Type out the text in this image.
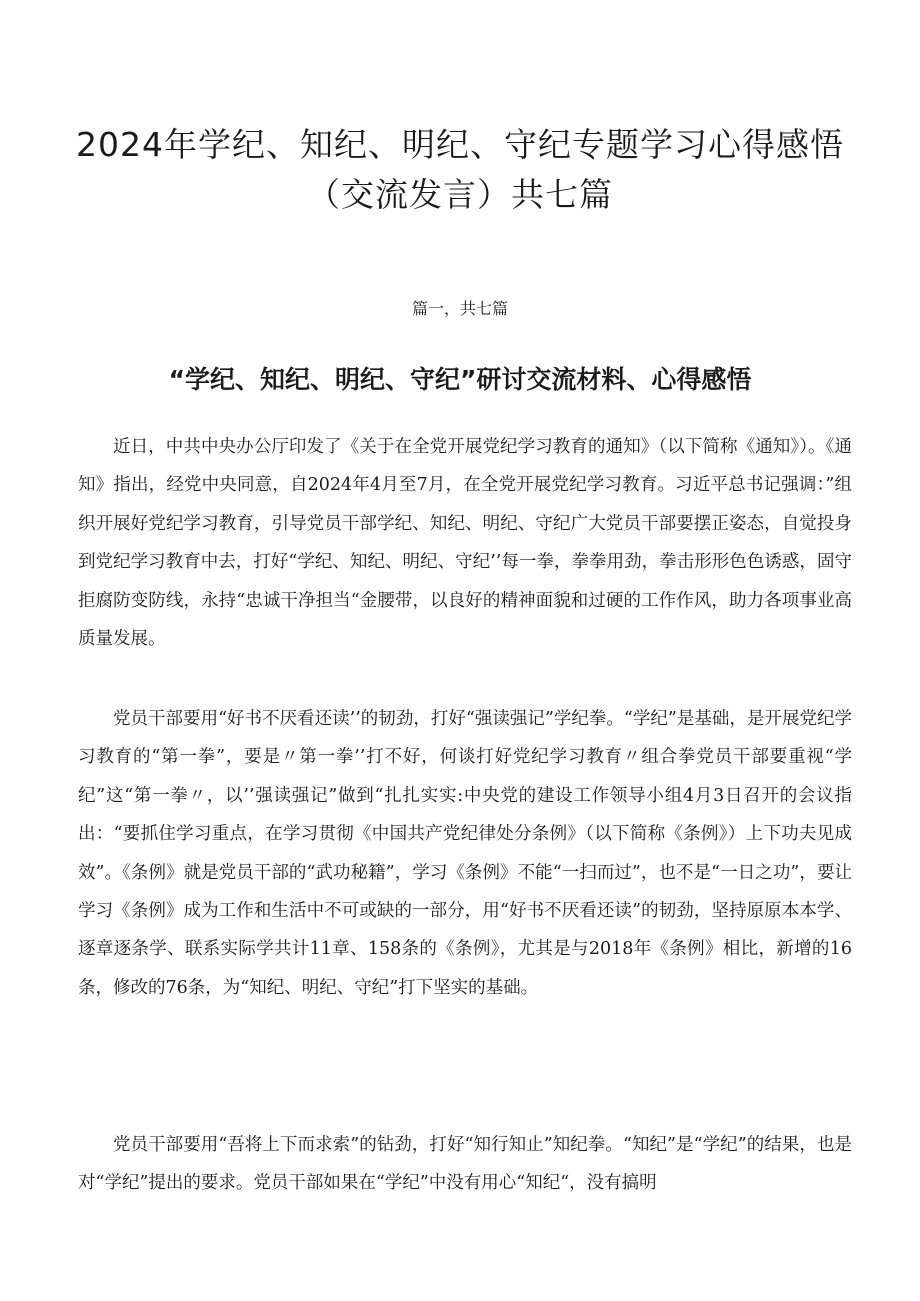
2024年学纪、知纪、明纪、守纪专题学习心得感悟（交流发言）共七篇

篇一，共七篇

“学纪、知纪、明纪、守纪”研讨交流材料、心得感悟

近日，中共中央办公厅印发了《关于在全党开展党纪学习教育的通知》（以下简称《通知》）。《通知》指出，经党中央同意，自2024年4月至7月，在全党开展党纪学习教育。习近平总书记强调：”组织开展好党纪学习教育，引导党员干部学纪、知纪、明纪、守纪广大党员干部要摆正姿态，自觉投身到党纪学习教育中去，打好“学纪、知纪、明纪、守纪’’每一拳，拳拳用劲，拳击形形色色诱惑，固守拒腐防变防线，永持“忠诚干净担当“金腰带，以良好的精神面貌和过硬的工作作风，助力各项事业高质量发展。

党员干部要用“好书不厌看还读’’的韧劲，打好“强读强记”学纪拳。“学纪”是基础，是开展党纪学习教育的“第一拳”，要是〃第一拳’’打不好，何谈打好党纪学习教育〃组合拳党员干部要重视“学纪”这“第一拳〃，以’’强读强记”做到“扎扎实实:中央党的建设工作领导小组4月3日召开的会议指出：“要抓住学习重点，在学习贯彻《中国共产党纪律处分条例》（以下简称《条例》）上下功夫见成效”。《条例》就是党员干部的“武功秘籍”，学习《条例》不能“一扫而过”，也不是“一日之功”，要让学习《条例》成为工作和生活中不可或缺的一部分，用“好书不厌看还读”的韧劲，坚持原原本本学、逐章逐条学、联系实际学共计11章、158条的《条例》，尤其是与2018年《条例》相比，新增的16条，修改的76条，为“知纪、明纪、守纪”打下坚实的基础。

党员干部要用“吾将上下而求索”的钻劲，打好“知行知止”知纪拳。“知纪”是“学纪”的结果，也是对“学纪”提出的要求。党员干部如果在“学纪”中没有用心“知纪“，没有搞明
